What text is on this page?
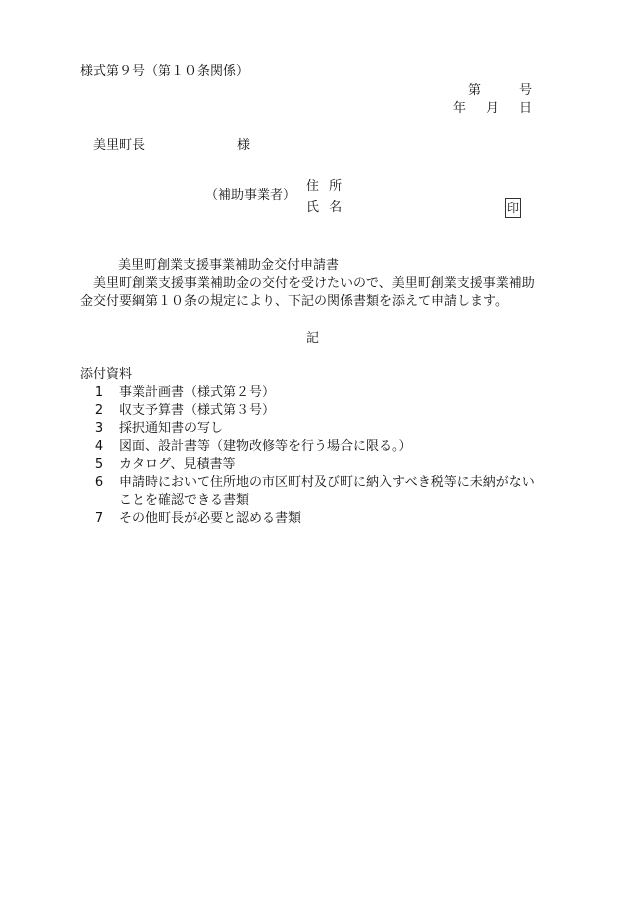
様式第９号（第１０条関係）
第	号
年 月 日
美里町長	様
（補助事業者）
住 所
氏 名	印
美里町創業支援事業補助金交付申請書
美里町創業支援事業補助金の交付を受けたいので、美里町創業支援事業補助
金交付要綱第１０条の規定により、下記の関係書類を添えて申請します。
記
添付資料
1 事業計画書（様式第２号）
2 収支予算書（様式第３号）
3 採択通知書の写し
4 図面、設計書等（建物改修等を行う場合に限る。）
5 カタログ、見積書等
6 申請時において住所地の市区町村及び町に納入すべき税等に未納がない
ことを確認できる書類
7 その他町長が必要と認める書類
